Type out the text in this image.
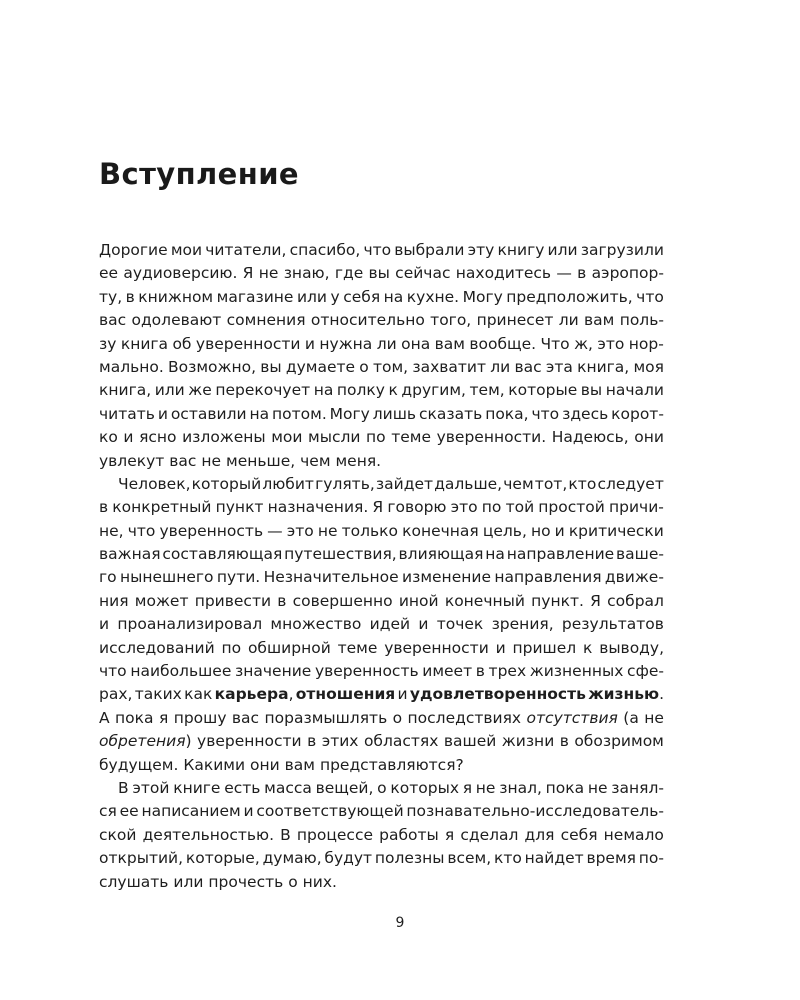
Вступление
Дорогие мои читатели, спасибо, что выбрали эту книгу или загрузили
ее аудиоверсию. Я не знаю, где вы сейчас находитесь — в аэропор-
ту, в книжном магазине или у себя на кухне. Могу предположить, что
вас одолевают сомнения относительно того, принесет ли вам поль-
зу книга об уверенности и нужна ли она вам вообще. Что ж, это нор-
мально. Возможно, вы думаете о том, захватит ли вас эта книга, моя
книга, или же перекочует на полку к другим, тем, которые вы начали
читать и оставили на потом. Могу лишь сказать пока, что здесь корот-
ко и ясно изложены мои мысли по теме уверенности. Надеюсь, они
увлекут вас не меньше, чем меня.
Человек, который любит гулять, зайдет дальше, чем тот, кто следует
в конкретный пункт назначения. Я говорю это по той простой причи-
не, что уверенность — это не только конечная цель, но и критически
важная составляющая путешествия, влияющая на направление ваше-
го нынешнего пути. Незначительное изменение направления движе-
ния может привести в совершенно иной конечный пункт. Я собрал
и проанализировал множество идей и точек зрения, результатов
исследований по обширной теме уверенности и пришел к выводу,
что наибольшее значение уверенность имеет в трех жизненных сфе-
рах, таких как карьера, отношения и удовлетворенность жизнью.
А пока я прошу вас поразмышлять о последствиях отсутствия (а не
обретения) уверенности в этих областях вашей жизни в обозримом
будущем. Какими они вам представляются?
В этой книге есть масса вещей, о которых я не знал, пока не занял-
ся ее написанием и соответствующей познавательно-исследователь-
ской деятельностью. В процессе работы я сделал для себя немало
открытий, которые, думаю, будут полезны всем, кто найдет время по-
слушать или прочесть о них.
9
